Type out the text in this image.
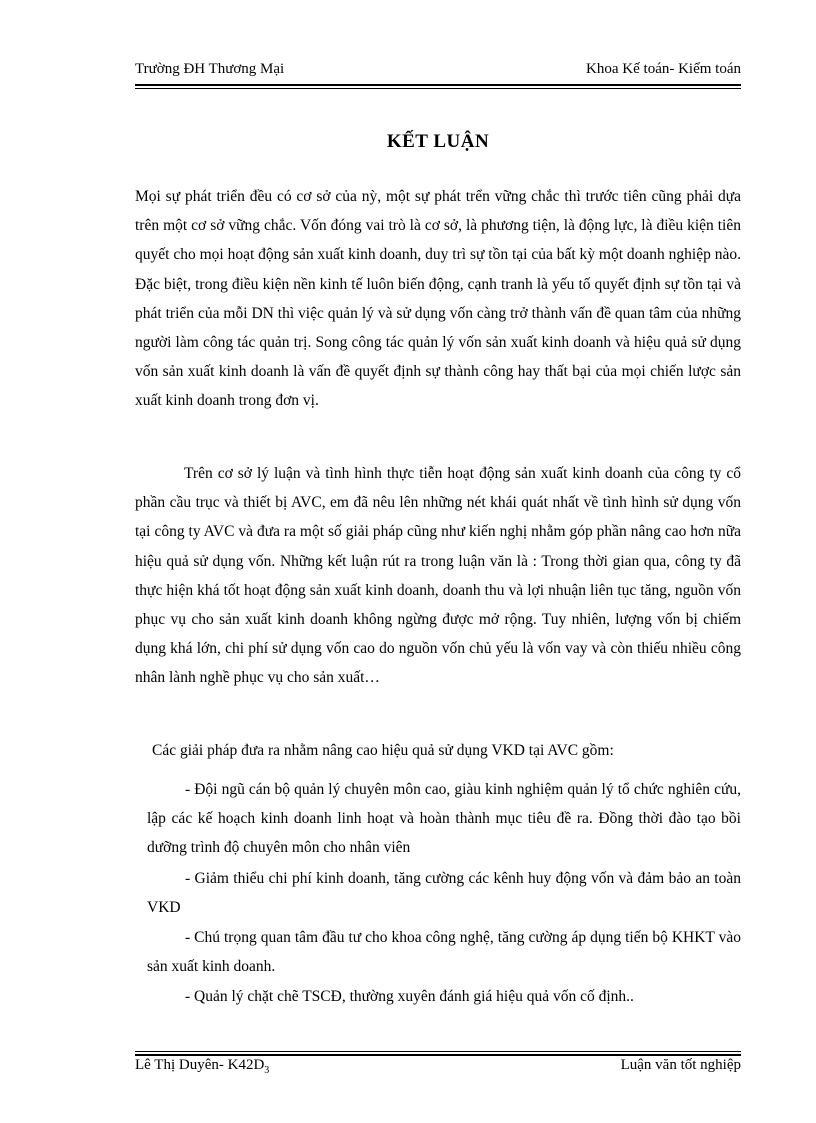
Trường ĐH Thương Mại	Khoa Kế toán- Kiểm toán
KẾT LUẬN

Mọi sự phát triển đều có cơ sở của nỳ, một sự phát trển vững chắc thì trước tiên cũng phải dựa trên một cơ sở vững chắc. Vốn đóng vai trò là cơ sở, là phương tiện, là động lực, là điều kiện tiên quyết cho mọi hoạt động sản xuất kinh doanh, duy trì sự tồn tại của bất kỳ một doanh nghiệp nào. Đặc biệt, trong điều kiện nền kinh tế luôn biến động, cạnh tranh là yếu tố quyết định sự tồn tại và phát triển của mỗi DN thì việc quản lý và sử dụng vốn càng trở thành vấn đề quan tâm của những người làm công tác quản trị. Song công tác quản lý vốn sản xuất kinh doanh và hiệu quả sử dụng vốn sản xuất kinh doanh là vấn đề quyết định sự thành công hay thất bại của mọi chiến lược sản xuất kinh doanh trong đơn vị.

Trên cơ sở lý luận và tình hình thực tiễn hoạt động sản xuất kinh doanh của công ty cổ phần cầu trục và thiết bị AVC, em đã nêu lên những nét khái quát nhất về tình hình sử dụng vốn tại công ty AVC và đưa ra một số giải pháp cũng như kiến nghị nhằm góp phần nâng cao hơn nữa hiệu quả sử dụng vốn. Những kết luận rút ra trong luận văn là : Trong thời gian qua, công ty đã thực hiện khá tốt hoạt động sản xuất kinh doanh, doanh thu và lợi nhuận liên tục tăng, nguồn vốn phục vụ cho sản xuất kinh doanh không ngừng được mở rộng. Tuy nhiên, lượng vốn bị chiếm dụng khá lớn, chi phí sử dụng vốn cao do nguồn vốn chủ yếu là vốn vay và còn thiếu nhiều công nhân lành nghề phục vụ cho sản xuất…

Các giải pháp đưa ra nhằm nâng cao hiệu quả sử dụng VKD tại AVC gồm:

- Đội ngũ cán bộ quản lý chuyên môn cao, giàu kinh nghiệm quản lý tổ chức nghiên cứu, lập các kế hoạch kinh doanh linh hoạt và hoàn thành mục tiêu đề ra. Đồng thời đào tạo bồi dưỡng trình độ chuyên môn cho nhân viên

- Giảm thiểu chi phí kinh doanh, tăng cường các kênh huy động vốn và đảm bảo an toàn VKD

- Chú trọng quan tâm đầu tư cho khoa công nghệ, tăng cường áp dụng tiến bộ KHKT vào sản xuất kinh doanh.

- Quản lý chặt chẽ TSCĐ, thường xuyên đánh giá hiệu quả vốn cố định..

Lê Thị Duyên- $K42D_3$	Luận văn tốt nghiệp
